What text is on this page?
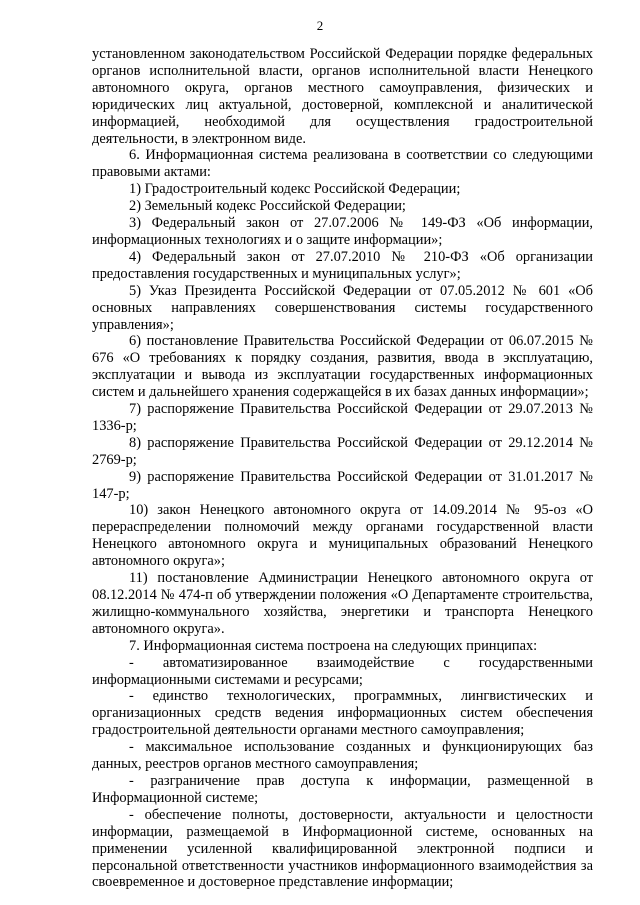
2

установленном законодательством Российской Федерации порядке федеральных органов исполнительной власти, органов исполнительной власти Ненецкого автономного округа, органов местного самоуправления, физических и юридических лиц актуальной, достоверной, комплексной и аналитической информацией, необходимой для осуществления градостроительной деятельности, в электронном виде.

6. Информационная система реализована в соответствии со следующими правовыми актами:

1) Градостроительный кодекс Российской Федерации;

2) Земельный кодекс Российской Федерации;

3) Федеральный закон от 27.07.2006 № 149-ФЗ «Об информации, информационных технологиях и о защите информации»;

4) Федеральный закон от 27.07.2010 № 210-ФЗ «Об организации предоставления государственных и муниципальных услуг»;

5) Указ Президента Российской Федерации от 07.05.2012 № 601 «Об основных направлениях совершенствования системы государственного управления»;

6) постановление Правительства Российской Федерации от 06.07.2015 № 676 «О требованиях к порядку создания, развития, ввода в эксплуатацию, эксплуатации и вывода из эксплуатации государственных информационных систем и дальнейшего хранения содержащейся в их базах данных информации»;

7) распоряжение Правительства Российской Федерации от 29.07.2013 № 1336-р;

8) распоряжение Правительства Российской Федерации от 29.12.2014 № 2769-р;

9) распоряжение Правительства Российской Федерации от 31.01.2017 № 147-р;

10) закон Ненецкого автономного округа от 14.09.2014 № 95-оз «О перераспределении полномочий между органами государственной власти Ненецкого автономного округа и муниципальных образований Ненецкого автономного округа»;

11) постановление Администрации Ненецкого автономного округа от 08.12.2014 № 474-п об утверждении положения «О Департаменте строительства, жилищно-коммунального хозяйства, энергетики и транспорта Ненецкого автономного округа».

7. Информационная система построена на следующих принципах:

- автоматизированное взаимодействие с государственными информационными системами и ресурсами;

- единство технологических, программных, лингвистических и организационных средств ведения информационных систем обеспечения градостроительной деятельности органами местного самоуправления;

- максимальное использование созданных и функционирующих баз данных, реестров органов местного самоуправления;

- разграничение прав доступа к информации, размещенной в Информационной системе;

- обеспечение полноты, достоверности, актуальности и целостности информации, размещаемой в Информационной системе, основанных на применении усиленной квалифицированной электронной подписи и персональной ответственности участников информационного взаимодействия за своевременное и достоверное представление информации;
